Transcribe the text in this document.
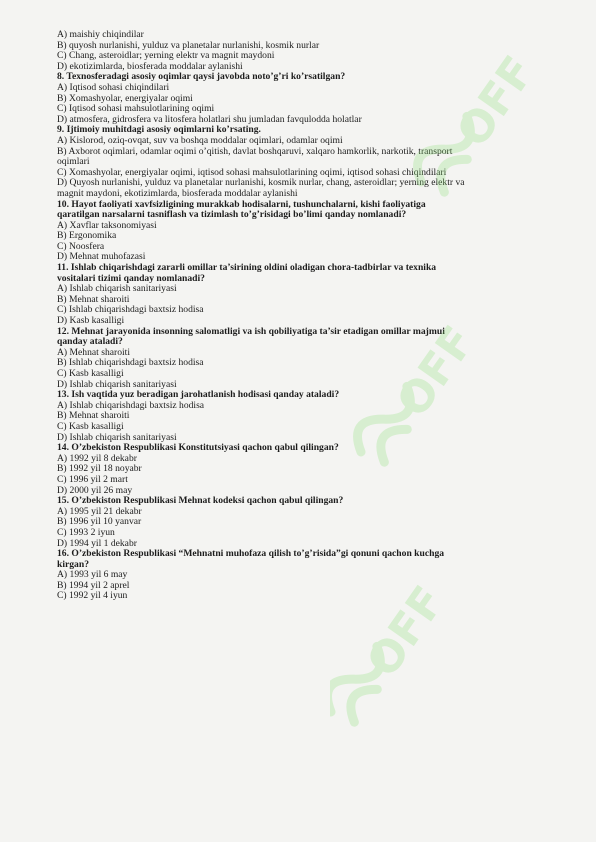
A) maishiy chiqindilar
B) quyosh nurlanishi, yulduz va planetalar nurlanishi, kosmik nurlar
C) Chang, asteroidlar; yerning elektr va magnit maydoni
D) ekotizimlarda, biosferada moddalar aylanishi
8. Texnosferadagi asosiy oqimlar qaysi javobda noto’g’ri ko’rsatilgan?
A) Iqtisod sohasi chiqindilari
B) Xomashyolar, energiyalar oqimi
C) Iqtisod sohasi mahsulotlarining oqimi
D) atmosfera, gidrosfera va litosfera holatlari shu jumladan favqulodda holatlar
9. Ijtimoiy muhitdagi asosiy oqimlarni ko’rsating.
A) Kislorod, oziq-ovqat, suv va boshqa moddalar oqimlari, odamlar oqimi
B) Axborot oqimlari, odamlar oqimi o’qitish, davlat boshqaruvi, xalqaro hamkorlik, narkotik, transport
oqimlari
C) Xomashyolar, energiyalar oqimi, iqtisod sohasi mahsulotlarining oqimi, iqtisod sohasi chiqindilari
D) Quyosh nurlanishi, yulduz va planetalar nurlanishi, kosmik nurlar, chang, asteroidlar; yerning elektr va
magnit maydoni, ekotizimlarda, biosferada moddalar aylanishi
10. Hayot faoliyati xavfsizligining murakkab hodisalarni, tushunchalarni, kishi faoliyatiga
qaratilgan narsalarni tasniflash va tizimlash to’g’risidagi bo’limi qanday nomlanadi?
A) Xavflar taksonomiyasi
B) Ergonomika
C) Noosfera
D) Mehnat muhofazasi
11. Ishlab chiqarishdagi zararli omillar ta’sirining oldini oladigan chora-tadbirlar va texnika
vositalari tizimi qanday nomlanadi?
A) Ishlab chiqarish sanitariyasi
B) Mehnat sharoiti
C) Ishlab chiqarishdagi baxtsiz hodisa
D) Kasb kasalligi
12. Mehnat jarayonida insonning salomatligi va ish qobiliyatiga ta’sir etadigan omillar majmui
qanday ataladi?
A) Mehnat sharoiti
B) Ishlab chiqarishdagi baxtsiz hodisa
C) Kasb kasalligi
D) Ishlab chiqarish sanitariyasi
13. Ish vaqtida yuz beradigan jarohatlanish hodisasi qanday ataladi?
A) Ishlab chiqarishdagi baxtsiz hodisa
B) Mehnat sharoiti
C) Kasb kasalligi
D) Ishlab chiqarish sanitariyasi
14. O’zbekiston Respublikasi Konstitutsiyasi qachon qabul qilingan?
A) 1992 yil 8 dekabr
B) 1992 yil 18 noyabr
C) 1996 yil 2 mart
D) 2000 yil 26 may
15. O’zbekiston Respublikasi Mehnat kodeksi qachon qabul qilingan?
A) 1995 yil 21 dekabr
B) 1996 yil 10 yanvar
C) 1993 2 iyun
D) 1994 yil 1 dekabr
16. O’zbekiston Respublikasi “Mehnatni muhofaza qilish to’g’risida”gi qonuni qachon kuchga
kirgan?
A) 1993 yil 6 may
B) 1994 yil 2 aprel
C) 1992 yil 4 iyun
OFF
OFF
OFF
